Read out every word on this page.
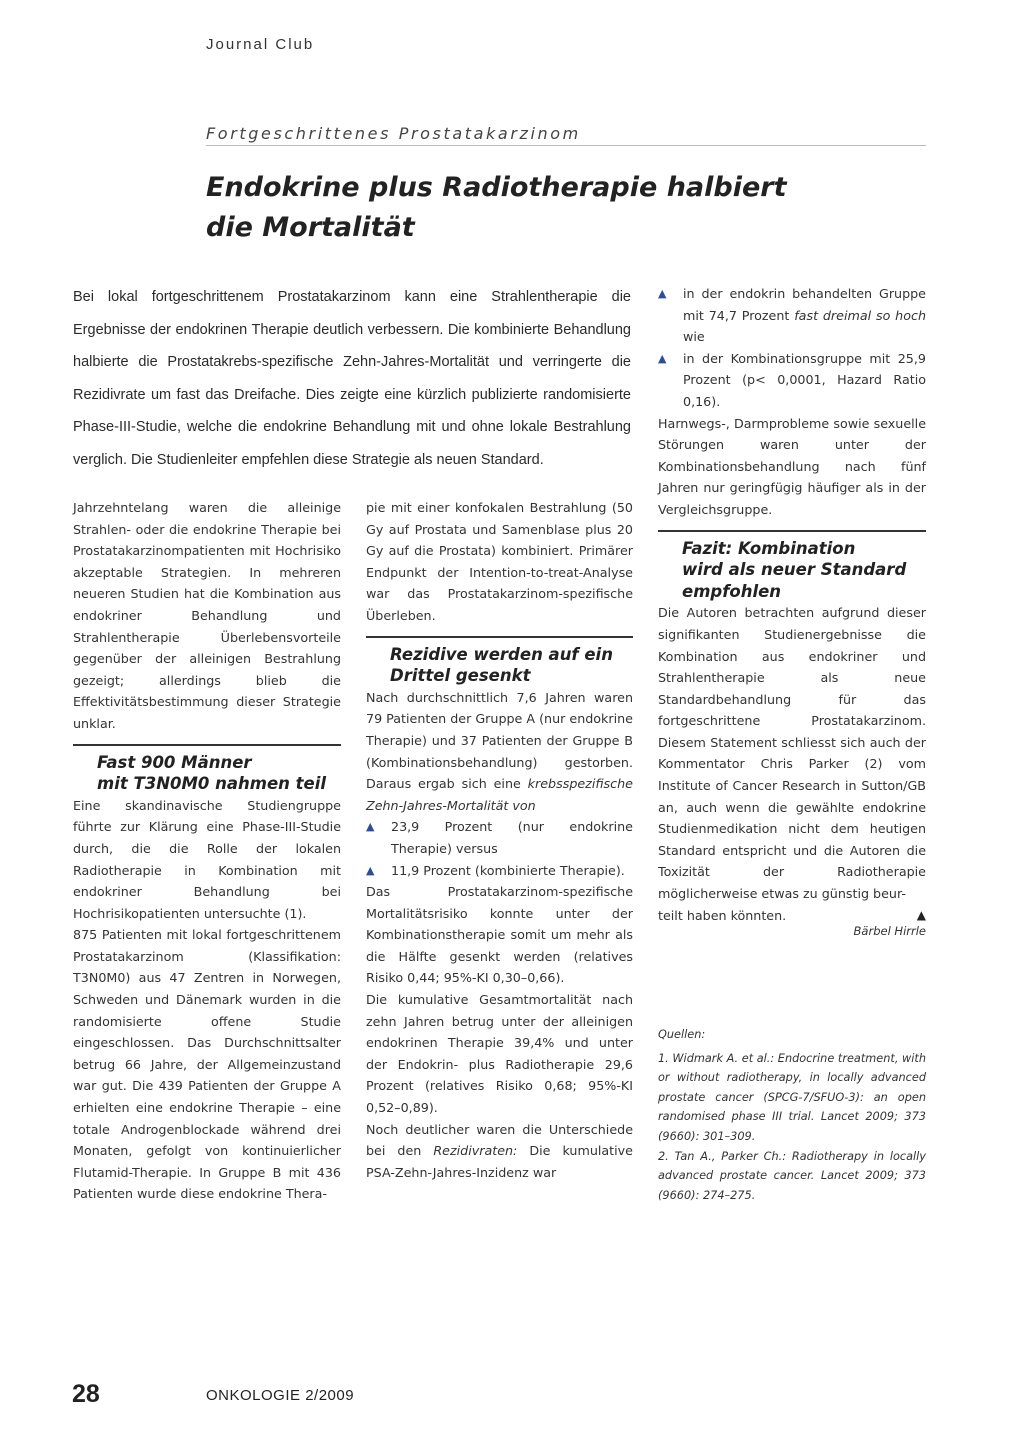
Journal Club
Fortgeschrittenes Prostatakarzinom
Endokrine plus Radiotherapie halbiert
die Mortalität

Bei lokal fortgeschrittenem Prostatakarzinom kann eine Strahlentherapie die Ergebnisse der endokrinen Therapie deutlich verbessern. Die kombinierte Behandlung halbierte die Prostatakrebs-spezifische Zehn-Jahres-Mortalität und verringerte die Rezidivrate um fast das Dreifache. Dies zeigte eine kürzlich publizierte randomisierte Phase-III-Studie, welche die endokrine Behandlung mit und ohne lokale Bestrahlung verglich. Die Studienleiter empfehlen diese Strategie als neuen Standard.

Jahrzehntelang waren die alleinige Strahlen- oder die endokrine Therapie bei Prostatakarzinompatienten mit Hochrisiko akzeptable Strategien. In mehreren neueren Studien hat die Kombination aus endokriner Behandlung und Strahlentherapie Überlebensvorteile gegenüber der alleinigen Bestrahlung gezeigt; allerdings blieb die Effektivitätsbestimmung dieser Strategie unklar.

Fast 900 Männer
mit T3N0M0 nahmen teil

Eine skandinavische Studiengruppe führte zur Klärung eine Phase-III-Studie durch, die die Rolle der lokalen Radiotherapie in Kombination mit endokriner Behandlung bei Hochrisikopatienten untersuchte (1).

875 Patienten mit lokal fortgeschrittenem Prostatakarzinom (Klassifikation: T3N0M0) aus 47 Zentren in Norwegen, Schweden und Dänemark wurden in die randomisierte offene Studie eingeschlossen. Das Durchschnittsalter betrug 66 Jahre, der Allgemeinzustand war gut. Die 439 Patienten der Gruppe A erhielten eine endokrine Therapie – eine totale Androgenblockade während drei Monaten, gefolgt von kontinuierlicher Flutamid-Therapie. In Gruppe B mit 436 Patienten wurde diese endokrine Thera-

pie mit einer konfokalen Bestrahlung (50 Gy auf Prostata und Samenblase plus 20 Gy auf die Prostata) kombiniert. Primärer Endpunkt der Intention-to-treat-Analyse war das Prostatakarzinom-spezifische Überleben.

Rezidive werden auf ein
Drittel gesenkt

Nach durchschnittlich 7,6 Jahren waren 79 Patienten der Gruppe A (nur endokrine Therapie) und 37 Patienten der Gruppe B (Kombinationsbehandlung) gestorben. Daraus ergab sich eine krebsspezifische Zehn-Jahres-Mortalität von

▲	23,9 Prozent (nur endokrine Therapie) versus
▲	11,9 Prozent (kombinierte Therapie).

Das Prostatakarzinom-spezifische Mortalitätsrisiko konnte unter der Kombinationstherapie somit um mehr als die Hälfte gesenkt werden (relatives Risiko 0,44; 95%-KI 0,30–0,66).

Die kumulative Gesamtmortalität nach zehn Jahren betrug unter der alleinigen endokrinen Therapie 39,4% und unter der Endokrin- plus Radiotherapie 29,6 Prozent (relatives Risiko 0,68; 95%-KI 0,52–0,89).

Noch deutlicher waren die Unterschiede bei den Rezidivraten: Die kumulative PSA-Zehn-Jahres-Inzidenz war

▲	in der endokrin behandelten Gruppe mit 74,7 Prozent fast dreimal so hoch wie
▲	in der Kombinationsgruppe mit 25,9 Prozent (p< 0,0001, Hazard Ratio 0,16).

Harnwegs-, Darmprobleme sowie sexuelle Störungen waren unter der Kombinationsbehandlung nach fünf Jahren nur geringfügig häufiger als in der Vergleichsgruppe.

Fazit: Kombination
wird als neuer Standard
empfohlen

Die Autoren betrachten aufgrund dieser signifikanten Studienergebnisse die Kombination aus endokriner und Strahlentherapie als neue Standardbehandlung für das fortgeschrittene Prostatakarzinom. Diesem Statement schliesst sich auch der Kommentator Chris Parker (2) vom Institute of Cancer Research in Sutton/GB an, auch wenn die gewählte endokrine Studienmedikation nicht dem heutigen Standard entspricht und die Autoren die Toxizität der Radiotherapie möglicherweise etwas zu günstig beur-

teilt haben könnten.	▲
Bärbel Hirrle

Quellen:

1. Widmark A. et al.: Endocrine treatment, with or without radiotherapy, in locally advanced prostate cancer (SPCG-7/SFUO-3): an open randomised phase III trial. Lancet 2009; 373 (9660): 301–309.

2. Tan A., Parker Ch.: Radiotherapy in locally advanced prostate cancer. Lancet 2009; 373 (9660): 274–275.

28	ONKOLOGIE 2/2009
